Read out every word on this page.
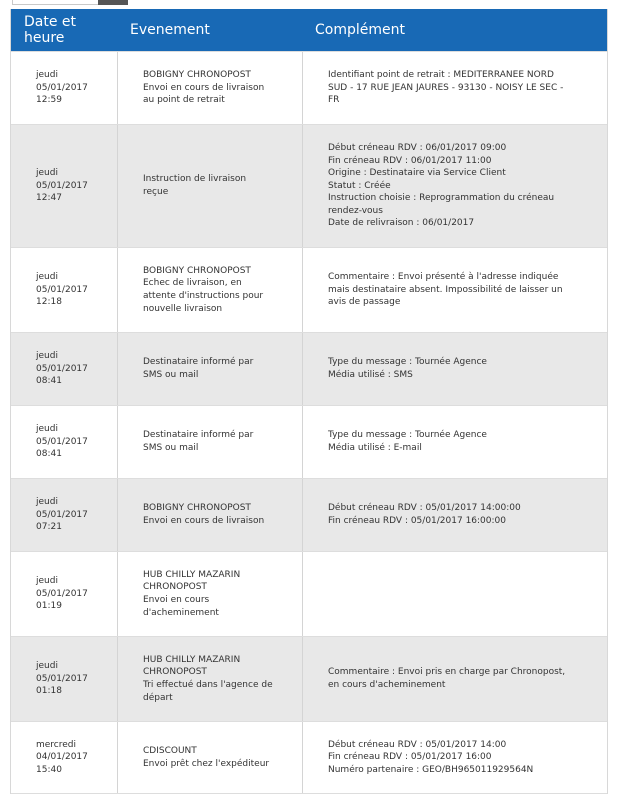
Date et heure	Evenement	Complément
jeudi
05/01/2017
12:59
BOBIGNY CHRONOPOST
Envoi en cours de livraison
au point de retrait
Identifiant point de retrait : MEDITERRANEE NORD
SUD - 17 RUE JEAN JAURES - 93130 - NOISY LE SEC -
FR
jeudi
05/01/2017
12:47
Instruction de livraison
reçue
Début créneau RDV : 06/01/2017 09:00
Fin créneau RDV : 06/01/2017 11:00
Origine : Destinataire via Service Client
Statut : Créée
Instruction choisie : Reprogrammation du créneau
rendez-vous
Date de relivraison : 06/01/2017
jeudi
05/01/2017
12:18
BOBIGNY CHRONOPOST
Echec de livraison, en
attente d'instructions pour
nouvelle livraison
Commentaire : Envoi présenté à l'adresse indiquée
mais destinataire absent. Impossibilité de laisser un
avis de passage
jeudi
05/01/2017
08:41
Destinataire informé par
SMS ou mail
Type du message : Tournée Agence
Média utilisé : SMS
jeudi
05/01/2017
08:41
Destinataire informé par
SMS ou mail
Type du message : Tournée Agence
Média utilisé : E-mail
jeudi
05/01/2017
07:21
BOBIGNY CHRONOPOST
Envoi en cours de livraison
Début créneau RDV : 05/01/2017 14:00:00
Fin créneau RDV : 05/01/2017 16:00:00
jeudi
05/01/2017
01:19
HUB CHILLY MAZARIN
CHRONOPOST
Envoi en cours
d'acheminement
jeudi
05/01/2017
01:18
HUB CHILLY MAZARIN
CHRONOPOST
Tri effectué dans l'agence de
départ
Commentaire : Envoi pris en charge par Chronopost,
en cours d'acheminement
mercredi
04/01/2017
15:40
CDISCOUNT
Envoi prêt chez l'expéditeur
Début créneau RDV : 05/01/2017 14:00
Fin créneau RDV : 05/01/2017 16:00
Numéro partenaire : GEO/BH965011929564N
